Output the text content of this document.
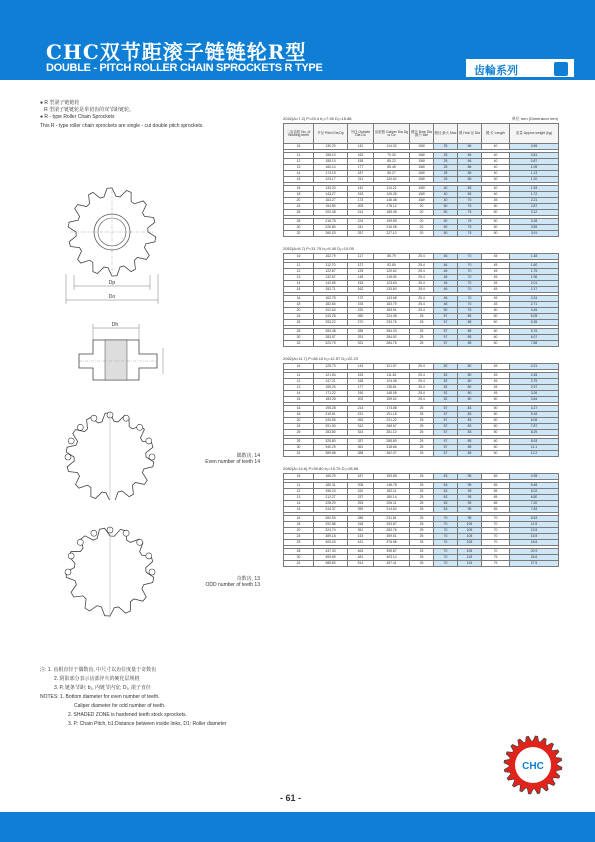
CHC双节距滚子链链轮R型
DOUBLE - PITCH ROLLER CHAIN SPROCKETS R TYPE	齿輪系列
● R 型滚子链链轮
R 型滚子链链轮是单切齿的双节距链轮。
● R - type Roller Chain Sprockets
This R - type roller chain sprockets are single - cut double pitch sprockets.
Dp
Do
Dh
偶数齿, 14
Even number of teeth 14
奇数齿, 13
ODD number of teeth 13
注: 1. 齿根直径于偶数齿, 中尺寸以齿位度量于奇数齿
2. 阴影部分表示齿部淬火的硬化层规格
3. P, 链条节距; b₁, 内链节内宽; D₁, 滚子直径
NOTES: 1. Bottom diameter for even number of teeth.
Caliper diameter for odd number of teeth.
2. SHADED ZONE is hardened teeth stock sprockets.
3. P: Chain Pitch, b1:Distance between inside links, D1: Roller diameter
2042(A=7.2) P=25.4 b₁=7.95 D₁=15.88	单位 mm (Dimension mm)
二齿齿数 No. of Working teeth	节径 Pitch Dia Dp	外径 Outside Dia Do	齿根圆 Caliper Dia Dg or Dc	毂径 Bore Dia 最小 Min	毂径 最大 Max	毂 Hub 径 Dia	毂 长 Length	质量 Approx weight (kg)
16	130.20	142	114.32	15Ø	25	56	40	0.65

11	155.10	162	70.30	15Ø	25	56	40	0.81
12	155.10	155	85.22	15Ø	25	56	40	0.87
13	160.14	177	85.45	15Ø	25	56	40	1.05
14	174.15	187	85.27	15Ø	25	56	40	1.13
15	123.17	211	120.62	15Ø	25	56	40	1.20

16	133.20	142	114.22	15Ø	40	65	40	1.53
18	143.27	153	126.28	15Ø	40	65	40	1.72
20	163.27	173	146.48	15Ø	40	70	45	2.21
24	194.80	205	178.12	20	50	75	50	2.87
25	202.48	214	185.08	20	50	75	50	3.12

28	216.78	224	199.89	20	50	75	50	3.28
30	226.80	241	216.08	20	50	75	50	3.55
32	260.03	257	227.12	20	50	75	50	3.91
2052(A=8.7) P=31.75 b₁=9.40 D₁=10.05
16	162.79	117	85.79	25.4	46	70	45	1.48

11	112.70	127	92.80	25.4	46	70	45	1.60
12	122.67	125	120.62	25.4	46	70	45	1.75
13	132.67	145	118.05	25.4	46	70	45	1.96
14	142.65	153	123.63	25.4	46	70	45	2.01
15	152.71	162	133.60	25.4	46	70	45	2.17

16	162.79	172	143.68	25.4	46	70	45	2.24
18	182.84	193	163.79	25.4	46	70	45	2.71
20	202.60	220	183.91	25.4	50	75	50	3.45
24	243.28	260	224.08	25	57	85	50	5.05
25	253.22	270	233.76	25	57	85	50	5.35

28	283.48	285	284.03	25	57	85	60	5.76
30	283.57	291	284.52	25	57	85	60	6.07
32	323.75	331	284.76	25	57	85	60	7.88
2062(A=11.7) P=38.10 b₁=12.57 D₁=22.23
16	125.73	143	121.57	25.4	52	80	45	2.21

11	121.54	153	111.62	25.4	52	80	45	2.45
12	147.21	165	124.08	25.4	52	80	45	2.79
13	159.20	177	135.81	25.4	52	80	45	2.97
14	171.22	190	148.08	25.4	52	80	45	3.26
15	183.28	202	159.62	25.4	52	80	50	3.84

16	195.28	214	173.88	25	57	83	50	4.27
18	219.61	231	191.18	25	57	83	50	5.16
20	243.55	262	221.22	25	57	83	50	6.06
24	291.90	312	268.67	25	57	83	50	7.87
25	283.80	324	281.10	25	57	83	50	8.29

28	325.80	337	285.80	25	57	85	60	8.53
30	340.29	361	318.66	25	57	85	60	11.1
32	389.88	388	362.07	25	57	85	60	12.2
2082(A=14.6) P=50.80 b₁=15.75 D₁=28.58
16	165.29	187	153.85	25	63	95	65	4.95

11	180.31	208	148.78	25	63	95	65	5.48
12	196.23	220	182.11	25	63	95	65	6.02
13	212.27	237	180.14	25	63	95	65	6.80
14	228.29	253	206.11	25	63	95	65	7.20
15	244.37	269	214.62	25	63	95	65	7.83

16	260.53	286	231.81	25	70	95	70	8.63
18	292.88	318	253.87	25	70	105	70	11.5
20	324.74	351	283.76	25	70	105	70	13.5
24	389.18	415	359.51	25	70	105	70	15.5
25	405.03	431	375.58	25	70	105	70	18.8

28	437.40	463	395.87	25	70	105	70	20.9
30	453.69	481	403.14	25	70	115	75	24.6
32	485.80	514	457.41	25	70	115	75	27.5
- 61 -
CHC
